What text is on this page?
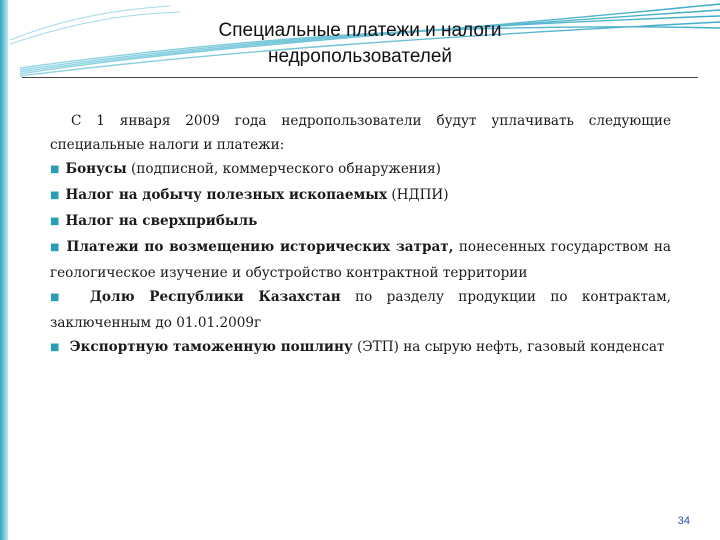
Специальные платежи и налоги
недропользователей

С 1 января 2009 года недропользователи будут уплачивать следующие специальные налоги и платежи:

■ Бонусы (подписной, коммерческого обнаружения)

■ Налог на добычу полезных ископаемых (НДПИ)

■ Налог на сверхприбыль

■ Платежи по возмещению исторических затрат, понесенных государством на геологическое изучение и обустройство контрактной территории

■ Долю Республики Казахстан по разделу продукции по контрактам, заключенным до 01.01.2009г

■ Экспортную таможенную пошлину (ЭТП) на сырую нефть, газовый конденсат

34
